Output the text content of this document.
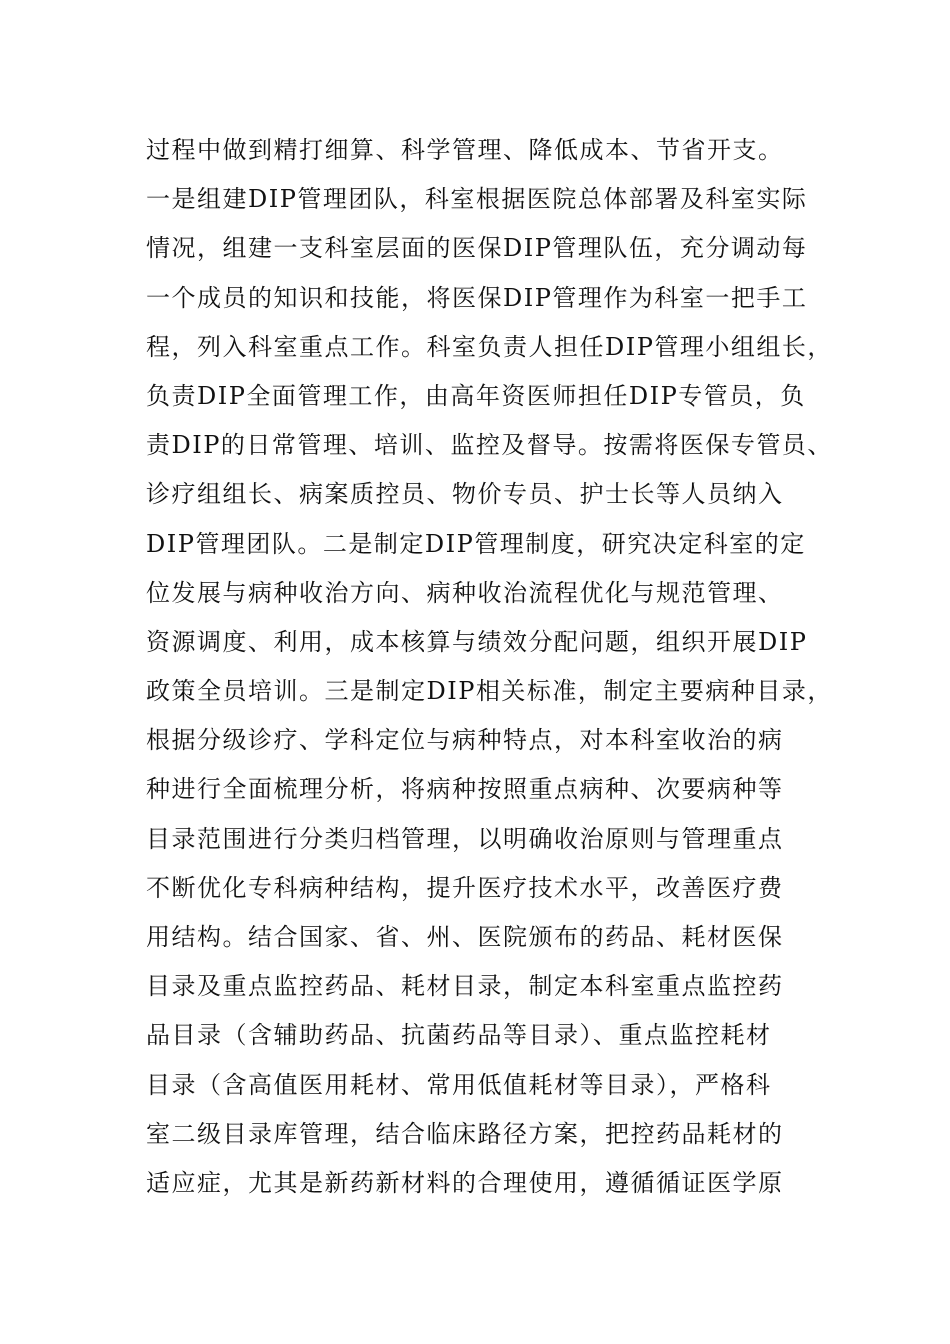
过程中做到精打细算、科学管理、降低成本、节省开支。
一是组建DIP管理团队，科室根据医院总体部署及科室实际
情况，组建一支科室层面的医保DIP管理队伍，充分调动每
一个成员的知识和技能，将医保DIP管理作为科室一把手工
程，列入科室重点工作。科室负责人担任DIP管理小组组长，
负责DIP全面管理工作，由高年资医师担任DIP专管员，负
责DIP的日常管理、培训、监控及督导。按需将医保专管员、
诊疗组组长、病案质控员、物价专员、护士长等人员纳入
DIP管理团队。二是制定DIP管理制度，研究决定科室的定
位发展与病种收治方向、病种收治流程优化与规范管理、
资源调度、利用，成本核算与绩效分配问题，组织开展DIP
政策全员培训。三是制定DIP相关标准，制定主要病种目录，
根据分级诊疗、学科定位与病种特点，对本科室收治的病
种进行全面梳理分析，将病种按照重点病种、次要病种等
目录范围进行分类归档管理，以明确收治原则与管理重点
不断优化专科病种结构，提升医疗技术水平，改善医疗费
用结构。结合国家、省、州、医院颁布的药品、耗材医保
目录及重点监控药品、耗材目录，制定本科室重点监控药
品目录（含辅助药品、抗菌药品等目录）、重点监控耗材
目录（含高值医用耗材、常用低值耗材等目录），严格科
室二级目录库管理，结合临床路径方案，把控药品耗材的
适应症，尤其是新药新材料的合理使用，遵循循证医学原
